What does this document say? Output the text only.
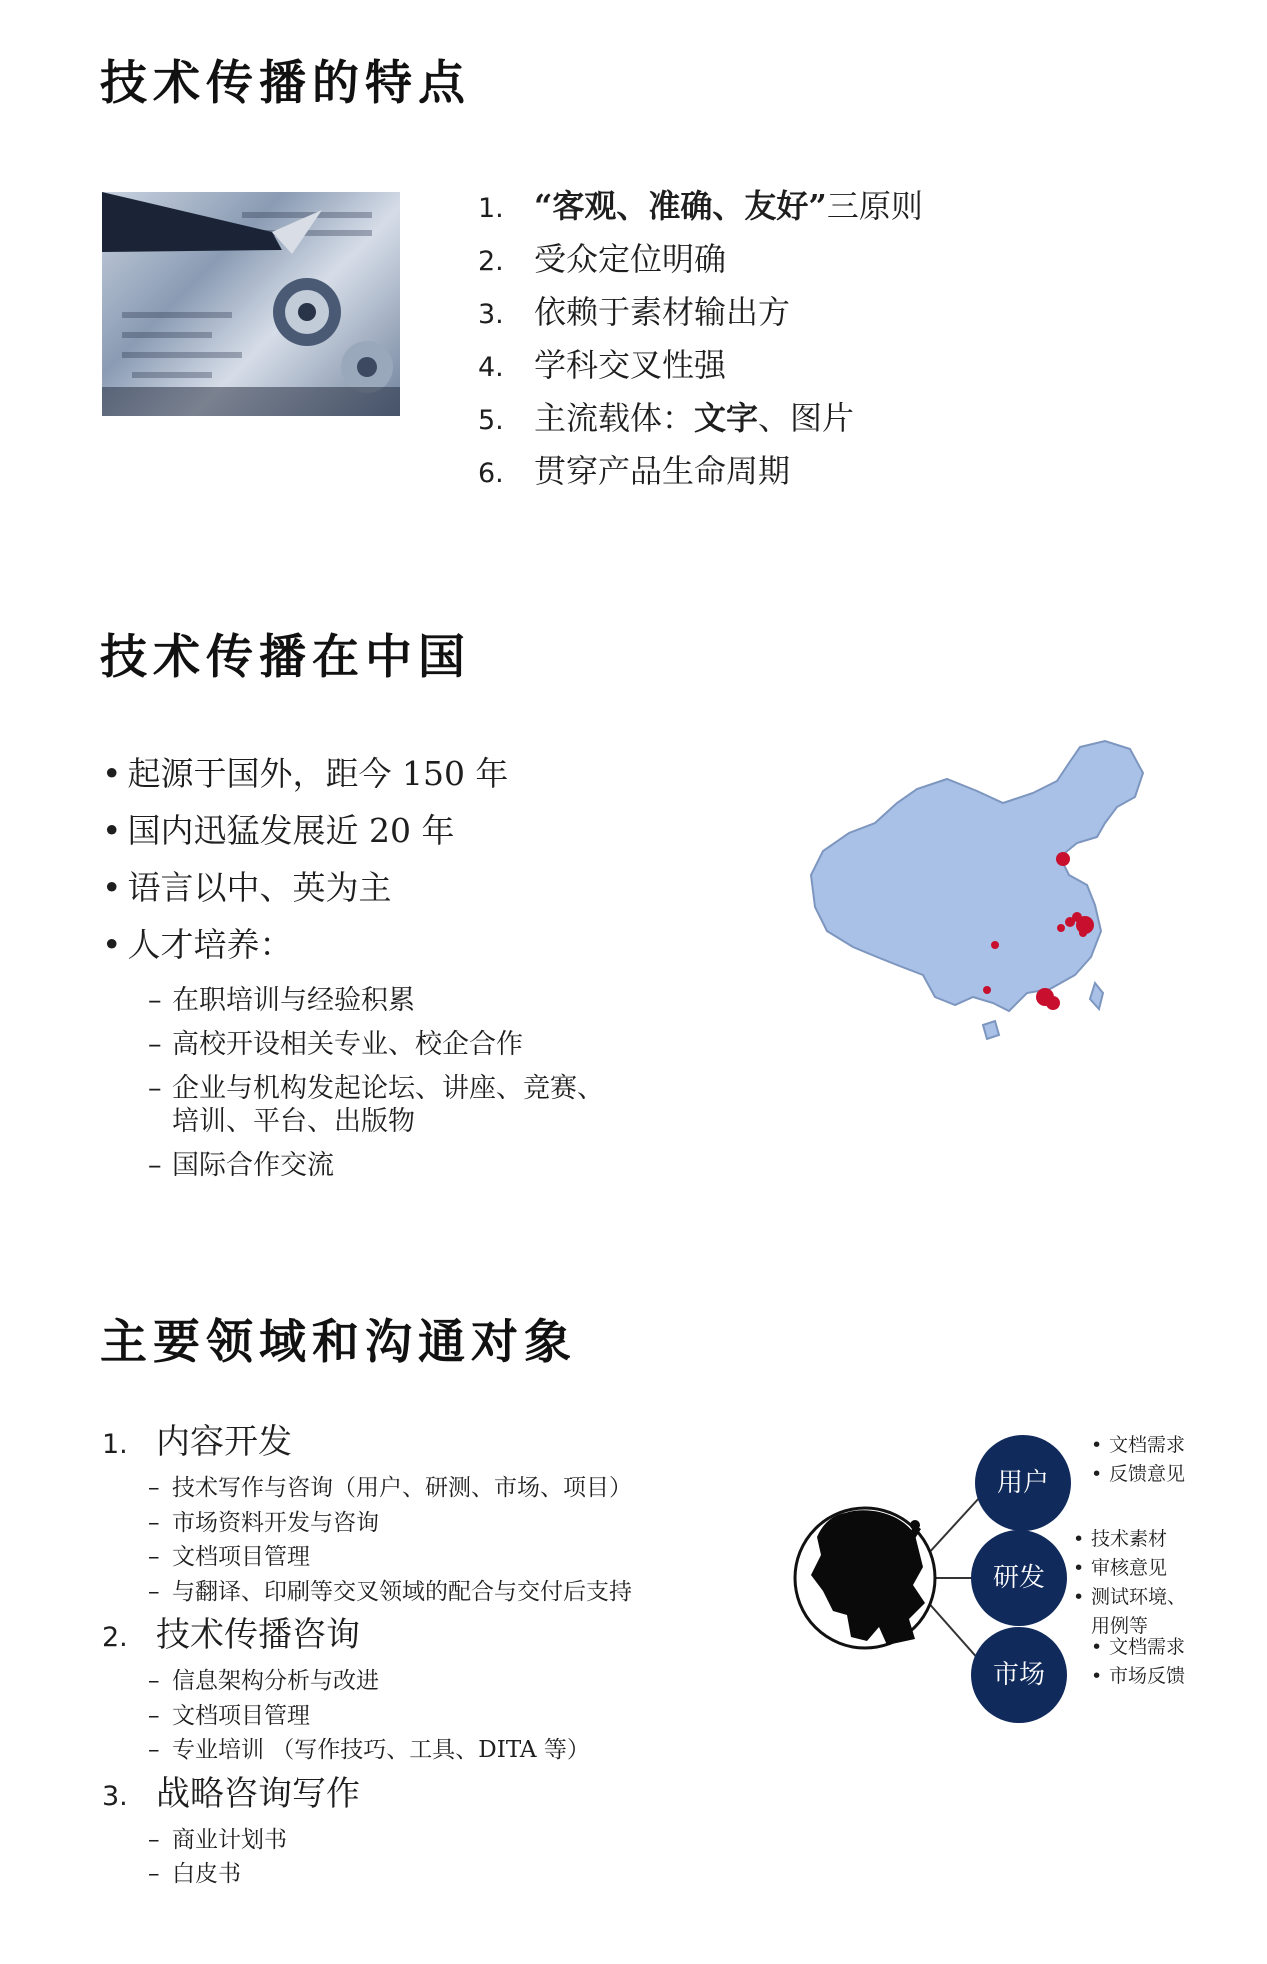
技术传播的特点
1. “客观、准确、友好”三原则
2. 受众定位明确
3. 依赖于素材输出方
4. 学科交叉性强
5. 主流载体：文字、图片
6. 贯穿产品生命周期
技术传播在中国
• 起源于国外，距今 150 年
• 国内迅猛发展近 20 年
• 语言以中、英为主
• 人才培养：
– 在职培训与经验积累
– 高校开设相关专业、校企合作
– 企业与机构发起论坛、讲座、竞赛、
培训、平台、出版物
– 国际合作交流
主要领域和沟通对象
1. 内容开发
– 技术写作与咨询（用户、研测、市场、项目）
– 市场资料开发与咨询
– 文档项目管理
– 与翻译、印刷等交叉领域的配合与交付后支持
2. 技术传播咨询
– 信息架构分析与改进
– 文档项目管理
– 专业培训 （写作技巧、工具、DITA 等）
3. 战略咨询写作
– 商业计划书
– 白皮书
用户
• 文档需求
• 反馈意见
研发
• 技术素材
• 审核意见
• 测试环境、
用例等
市场
• 文档需求
• 市场反馈
